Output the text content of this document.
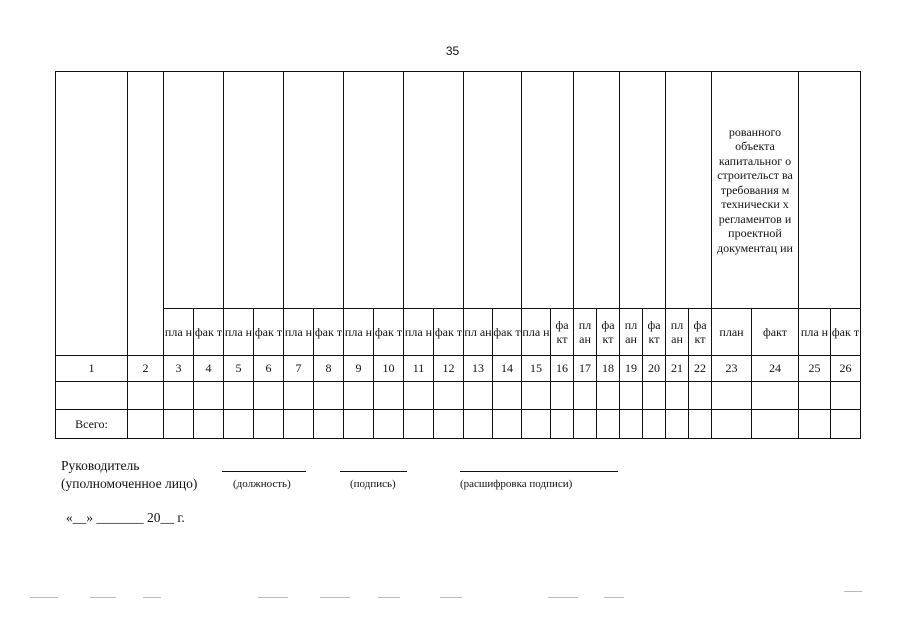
35
																						рованного объекта капитальног о строительст ва требования м технически х регламентов и проектной документац ии			
		пла н	фак т	пла н	фак т	пла н	фак т	пла н	фак т	пла н	фак т	пл ан	фак т	пла н	фа кт	пл ан	фа кт	пл ан	фа кт	пл ан	фа кт	план	факт	пла н	фак т
1	2	3	4	5	6	7	8	9	10	11	12	13	14	15	16	17	18	19	20	21	22	23	24	25	26

Всего:																									
Руководитель
(уполномоченное лицо)	(должность)	(подпись)	(расшифровка подписи)
«__» _______ 20__ г.
